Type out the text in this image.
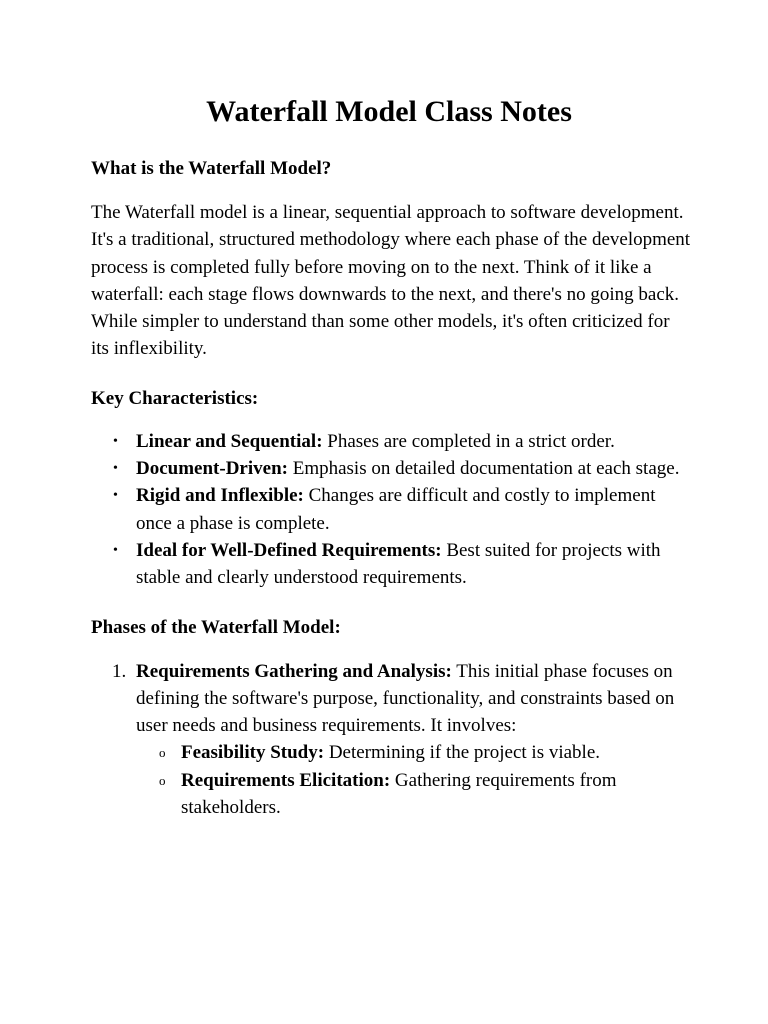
Waterfall Model Class Notes
What is the Waterfall Model?

The Waterfall model is a linear, sequential approach to software development. It's a traditional, structured methodology where each phase of the development process is completed fully before moving on to the next. Think of it like a waterfall: each stage flows downwards to the next, and there's no going back. While simpler to understand than some other models, it's often criticized for its inflexibility.

Key Characteristics:
• Linear and Sequential: Phases are completed in a strict order.
• Document-Driven: Emphasis on detailed documentation at each stage.
• Rigid and Inflexible: Changes are difficult and costly to implement once a phase is complete.
• Ideal for Well-Defined Requirements: Best suited for projects with stable and clearly understood requirements.
Phases of the Waterfall Model:
1. Requirements Gathering and Analysis: This initial phase focuses on defining the software's purpose, functionality, and constraints based on user needs and business requirements. It involves:
o Feasibility Study: Determining if the project is viable.
o Requirements Elicitation: Gathering requirements from stakeholders.
